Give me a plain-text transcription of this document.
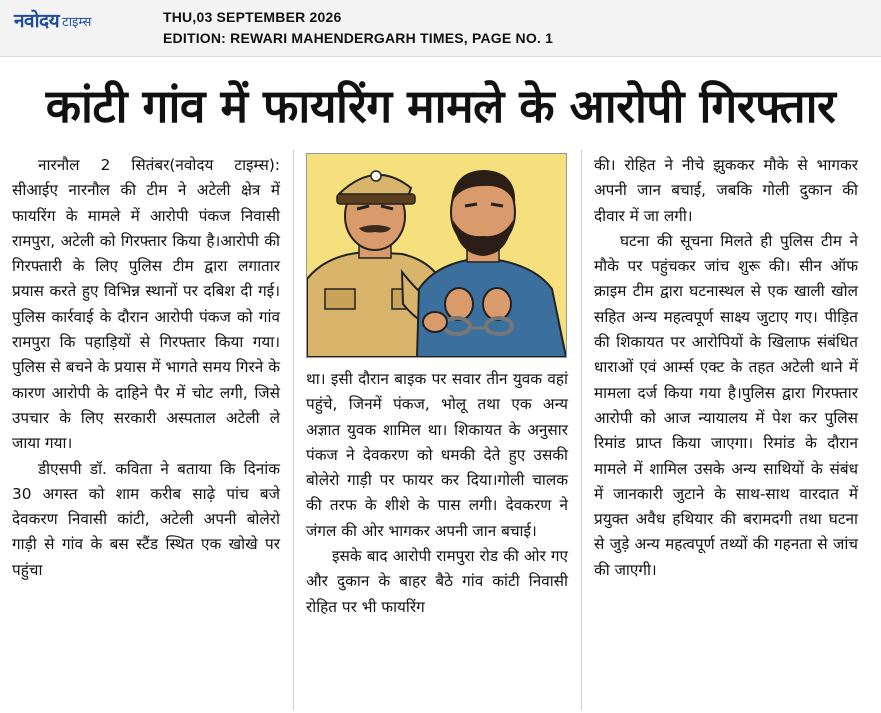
नवोदय टाइम्स	THU,03 SEPTEMBER 2026
EDITION: REWARI MAHENDERGARH TIMES, PAGE NO. 1
कांटी गांव में फायरिंग मामले के आरोपी गिरफ्तार

नारनौल 2 सितंबर(नवोदय टाइम्स): सीआईए नारनौल की टीम ने अटेली क्षेत्र में फायरिंग के मामले में आरोपी पंकज निवासी रामपुरा, अटेली को गिरफ्तार किया है।आरोपी की गिरफ्तारी के लिए पुलिस टीम द्वारा लगातार प्रयास करते हुए विभिन्न स्थानों पर दबिश दी गई। पुलिस कार्रवाई के दौरान आरोपी पंकज को गांव रामपुरा कि पहाड़ियों से गिरफ्तार किया गया। पुलिस से बचने के प्रयास में भागते समय गिरने के कारण आरोपी के दाहिने पैर में चोट लगी, जिसे उपचार के लिए सरकारी अस्पताल अटेली ले जाया गया।

डीएसपी डॉ. कविता ने बताया कि दिनांक 30 अगस्त को शाम करीब साढ़े पांच बजे देवकरण निवासी कांटी, अटेली अपनी बोलेरो गाड़ी से गांव के बस स्टैंड स्थित एक खोखे पर पहुंचा

था। इसी दौरान बाइक पर सवार तीन युवक वहां पहुंचे, जिनमें पंकज, भोलू तथा एक अन्य अज्ञात युवक शामिल था। शिकायत के अनुसार पंकज ने देवकरण को धमकी देते हुए उसकी बोलेरो गाड़ी पर फायर कर दिया।गोली चालक की तरफ के शीशे के पास लगी। देवकरण ने जंगल की ओर भागकर अपनी जान बचाई।

इसके बाद आरोपी रामपुरा रोड की ओर गए और दुकान के बाहर बैठे गांव कांटी निवासी रोहित पर भी फायरिंग

की। रोहित ने नीचे झुककर मौके से भागकर अपनी जान बचाई, जबकि गोली दुकान की दीवार में जा लगी।

घटना की सूचना मिलते ही पुलिस टीम ने मौके पर पहुंचकर जांच शुरू की। सीन ऑफ क्राइम टीम द्वारा घटनास्थल से एक खाली खोल सहित अन्य महत्वपूर्ण साक्ष्य जुटाए गए। पीड़ित की शिकायत पर आरोपियों के खिलाफ संबंधित धाराओं एवं आर्म्स एक्ट के तहत अटेली थाने में मामला दर्ज किया गया है।पुलिस द्वारा गिरफ्तार आरोपी को आज न्यायालय में पेश कर पुलिस रिमांड प्राप्त किया जाएगा। रिमांड के दौरान मामले में शामिल उसके अन्य साथियों के संबंध में जानकारी जुटाने के साथ-साथ वारदात में प्रयुक्त अवैध हथियार की बरामदगी तथा घटना से जुड़े अन्य महत्वपूर्ण तथ्यों की गहनता से जांच की जाएगी।
